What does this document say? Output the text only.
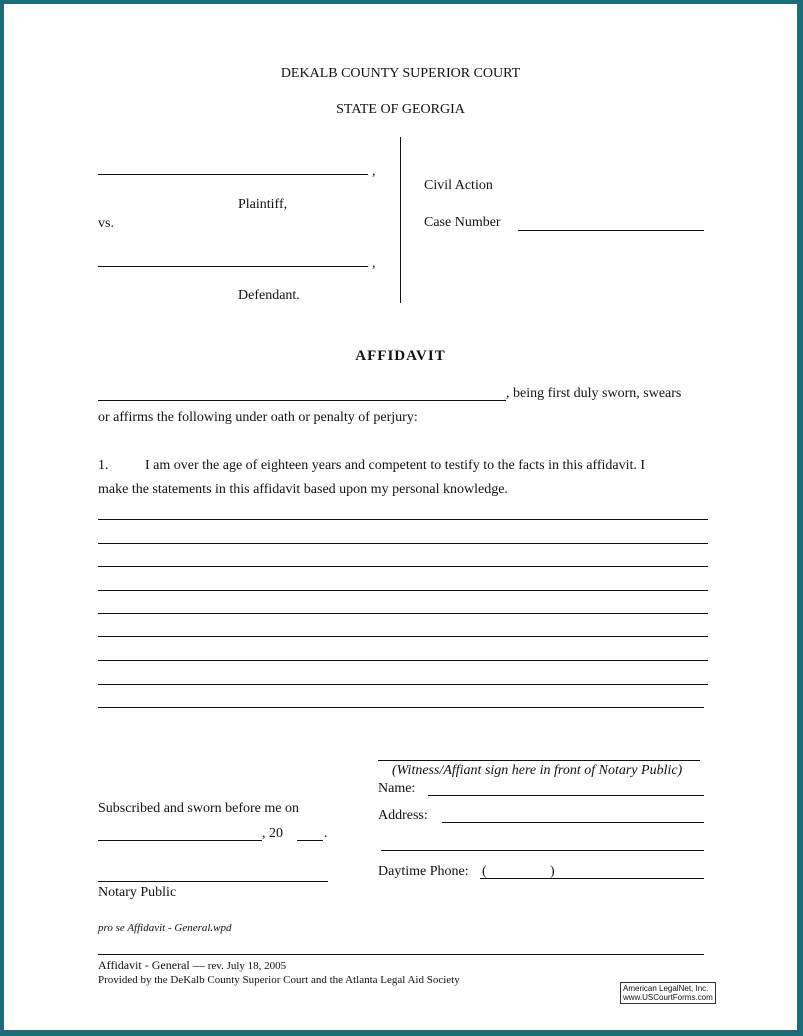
DEKALB COUNTY SUPERIOR COURT
STATE OF GEORGIA
,
Plaintiff,
vs.
,
Defendant.
Civil Action
Case Number
AFFIDAVIT
, being first duly sworn, swears
or affirms the following under oath or penalty of perjury:
1.	I am over the age of eighteen years and competent to testify to the facts in this affidavit. I
make the statements in this affidavit based upon my personal knowledge.
(Witness/Affiant sign here in front of Notary Public)
Name:
Address:
Daytime Phone: (	)
Subscribed and sworn before me on
, 20	.
Notary Public
pro se Affidavit - General.wpd
Affidavit - General — rev. July 18, 2005
Provided by the DeKalb County Superior Court and the Atlanta Legal Aid Society
American LegalNet, Inc.
www.USCourtForms.com
